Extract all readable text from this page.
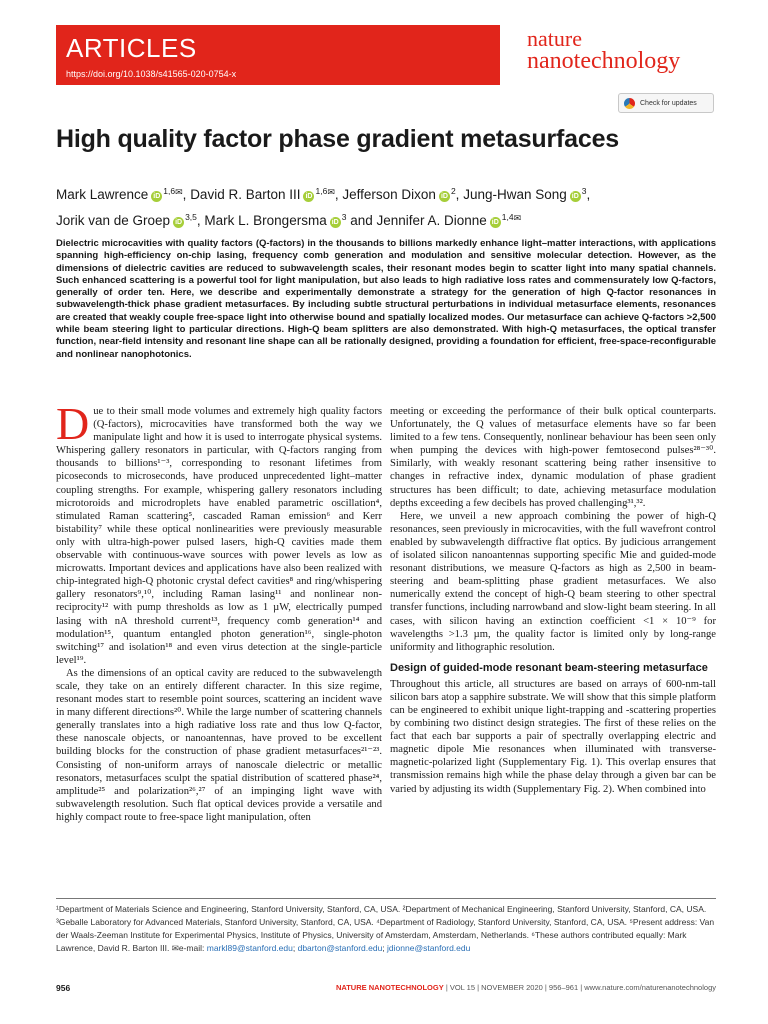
ARTICLES
https://doi.org/10.1038/s41565-020-0754-x
nature
nanotechnology
Check for updates
High quality factor phase gradient metasurfaces
Mark Lawrence iD$^{1,6✉}$, David R. Barton III iD$^{1,6✉}$, Jefferson Dixon iD$^2$, Jung-Hwan Song iD$^3$,
Jorik van de Groep iD$^{3,5}$, Mark L. Brongersma iD$^3$ and Jennifer A. Dionne iD$^{1,4✉}$
Dielectric microcavities with quality factors (Q-factors) in the thousands to billions markedly enhance light–matter interactions, with applications spanning high-efficiency on-chip lasing, frequency comb generation and modulation and sensitive molecular detection. However, as the dimensions of dielectric cavities are reduced to subwavelength scales, their resonant modes begin to scatter light into many spatial channels. Such enhanced scattering is a powerful tool for light manipulation, but also leads to high radiative loss rates and commensurately low Q-factors, generally of order ten. Here, we describe and experimentally demonstrate a strategy for the generation of high Q-factor resonances in subwavelength-thick phase gradient metasurfaces. By including subtle structural perturbations in individual metasurface elements, resonances are created that weakly couple free-space light into otherwise bound and spatially localized modes. Our metasurface can achieve Q-factors >2,500 while beam steering light to particular directions. High-Q beam splitters are also demonstrated. With high-Q metasurfaces, the optical transfer function, near-field intensity and resonant line shape can all be rationally designed, providing a foundation for efficient, free-space-reconfigurable and nonlinear nanophotonics.

Due to their small mode volumes and extremely high quality factors (Q-factors), microcavities have transformed both the way we manipulate light and how it is used to interrogate physical systems. Whispering gallery resonators in particular, with Q-factors ranging from thousands to billions¹⁻³, corresponding to resonant lifetimes from picoseconds to microseconds, have produced unprecedented light–matter coupling strengths. For example, whispering gallery resonators including microtoroids and microdroplets have enabled parametric oscillation⁴, stimulated Raman scattering⁵, cascaded Raman emission⁶ and Kerr bistability⁷ while these optical nonlinearities were previously measurable only with ultra-high-power pulsed lasers, high-Q cavities made them observable with continuous-wave sources with power levels as low as microwatts. Important devices and applications have also been realized with chip-integrated high-Q photonic crystal defect cavities⁸ and ring/whispering gallery resonators⁹,¹⁰, including Raman lasing¹¹ and nonlinear non-reciprocity¹² with pump thresholds as low as 1 µW, electrically pumped lasing with nA threshold current¹³, frequency comb generation¹⁴ and modulation¹⁵, quantum entangled photon generation¹⁶, single-photon switching¹⁷ and isolation¹⁸ and even virus detection at the single-particle level¹⁹.

As the dimensions of an optical cavity are reduced to the subwavelength scale, they take on an entirely different character. In this size regime, resonant modes start to resemble point sources, scattering an incident wave in many different directions²⁰. While the large number of scattering channels generally translates into a high radiative loss rate and thus low Q-factor, these nanoscale objects, or nanoantennas, have proved to be excellent building blocks for the construction of phase gradient metasurfaces²¹⁻²³. Consisting of non-uniform arrays of nanoscale dielectric or metallic resonators, metasurfaces sculpt the spatial distribution of scattered phase²⁴, amplitude²⁵ and polarization²⁶,²⁷ of an impinging light wave with subwavelength resolution. Such flat optical devices provide a versatile and highly compact route to free-space light manipulation, often

meeting or exceeding the performance of their bulk optical counterparts. Unfortunately, the Q values of metasurface elements have so far been limited to a few tens. Consequently, nonlinear behaviour has been seen only when pumping the devices with high-power femtosecond pulses²⁸⁻³⁰. Similarly, with weakly resonant scattering being rather insensitive to changes in refractive index, dynamic modulation of phase gradient structures has been difficult; to date, achieving metasurface modulation depths exceeding a few decibels has proved challenging³¹,³².

Here, we unveil a new approach combining the power of high-Q resonances, seen previously in microcavities, with the full wavefront control enabled by subwavelength diffractive flat optics. By judicious arrangement of isolated silicon nanoantennas supporting specific Mie and guided-mode resonant distributions, we measure Q-factors as high as 2,500 in beam-steering and beam-splitting phase gradient metasurfaces. We also numerically extend the concept of high-Q beam steering to other spectral transfer functions, including narrowband and slow-light beam steering. In all cases, with silicon having an extinction coefficient <1 × 10⁻⁹ for wavelengths >1.3 µm, the quality factor is limited only by long-range uniformity and lithographic resolution.

Design of guided-mode resonant beam-steering metasurface

Throughout this article, all structures are based on arrays of 600-nm-tall silicon bars atop a sapphire substrate. We will show that this simple platform can be engineered to exhibit unique light-trapping and -scattering properties by combining two distinct design strategies. The first of these relies on the fact that each bar supports a pair of spectrally overlapping electric and magnetic dipole Mie resonances when illuminated with transverse-magnetic-polarized light (Supplementary Fig. 1). This overlap ensures that transmission remains high while the phase delay through a given bar can be varied by adjusting its width (Supplementary Fig. 2). When combined into

¹Department of Materials Science and Engineering, Stanford University, Stanford, CA, USA. ²Department of Mechanical Engineering, Stanford University, Stanford, CA, USA. ³Geballe Laboratory for Advanced Materials, Stanford University, Stanford, CA, USA. ⁴Department of Radiology, Stanford University, Stanford, CA, USA. ⁵Present address: Van der Waals-Zeeman Institute for Experimental Physics, Institute of Physics, University of Amsterdam, Amsterdam, Netherlands. ⁶These authors contributed equally: Mark Lawrence, David R. Barton III. ✉e-mail: markl89@stanford.edu; dbarton@stanford.edu; jdionne@stanford.edu
956	NATURE NANOTECHNOLOGY | VOL 15 | NOVEMBER 2020 | 956–961 | www.nature.com/naturenanotechnology
